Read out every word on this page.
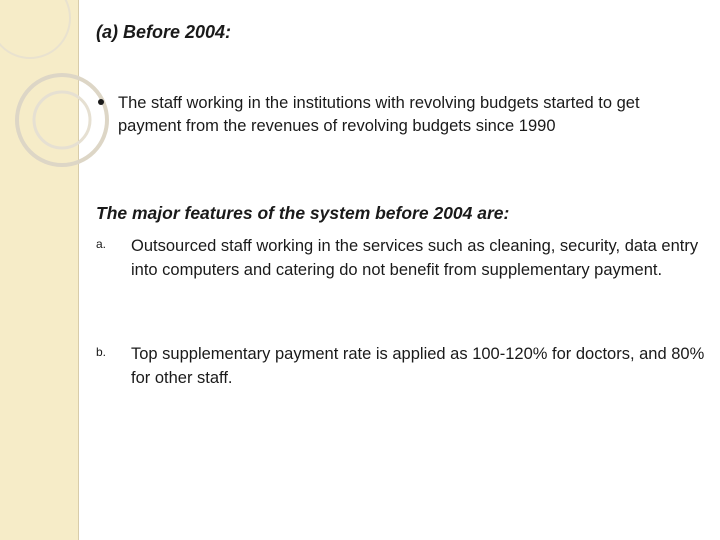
(a) Before 2004:
The staff working in the institutions with revolving budgets started to get payment from the revenues of revolving budgets since 1990
The major features of the system before 2004 are:
a. Outsourced staff working in the services such as cleaning, security, data entry into computers and catering do not benefit from supplementary payment.
b. Top supplementary payment rate is applied as 100-120% for doctors, and 80% for other staff.
